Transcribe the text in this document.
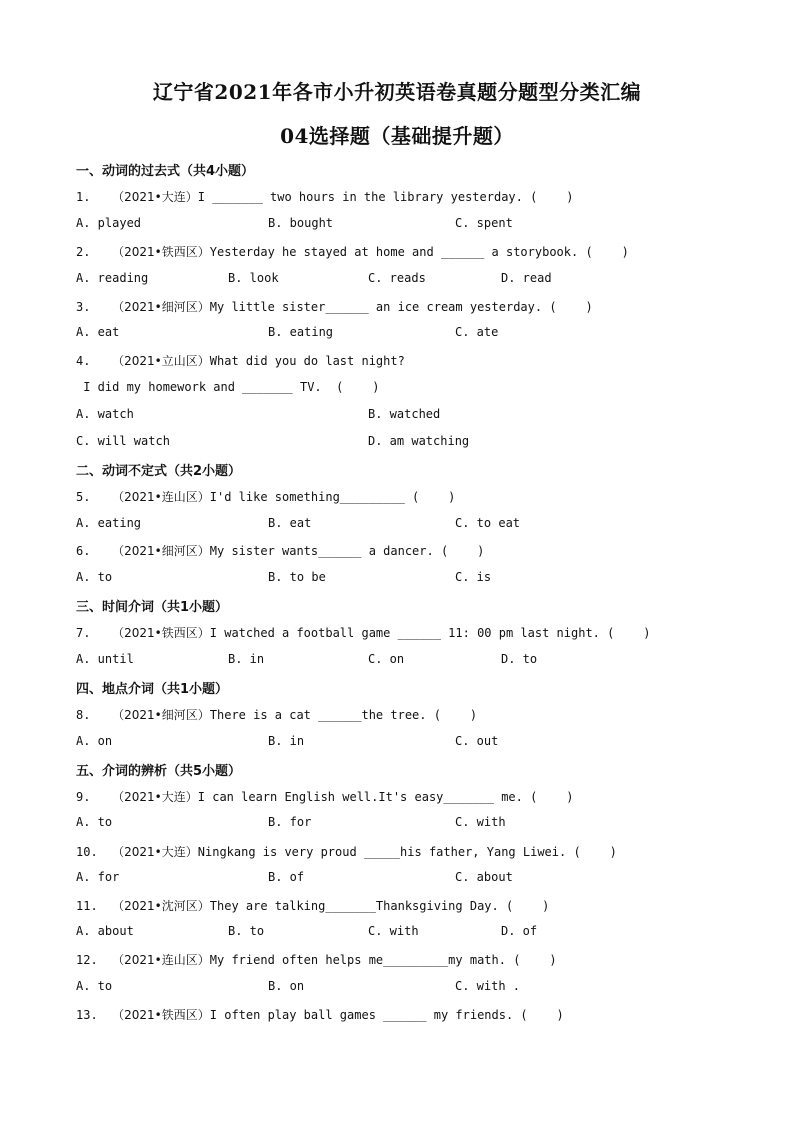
辽宁省2021年各市小升初英语卷真题分题型分类汇编
04选择题（基础提升题）
一、动词的过去式（共4小题）
1. （2021•大连）I _______ two hours in the library yesterday. (    )
A. played	B. bought	C. spent
2. （2021•铁西区）Yesterday he stayed at home and ______ a storybook. (    )
A. reading	B. look	C. reads	D. read
3. （2021•细河区）My little sister______ an ice cream yesterday. (    )
A. eat	B. eating	C. ate
4. （2021•立山区）What did you do last night?
I did my homework and _______ TV.  (    )
A. watch	B. watched
C. will watch	D. am watching
二、动词不定式（共2小题）
5. （2021•连山区）I'd like something_________ (    )
A. eating	B. eat	C. to eat
6. （2021•细河区）My sister wants______ a dancer. (    )
A. to	B. to be	C. is
三、时间介词（共1小题）
7. （2021•铁西区）I watched a football game ______ 11: 00 pm last night. (    )
A. until	B. in	C. on	D. to
四、地点介词（共1小题）
8. （2021•细河区）There is a cat ______the tree. (    )
A. on	B. in	C. out
五、介词的辨析（共5小题）
9. （2021•大连）I can learn English well.It's easy_______ me. (    )
A. to	B. for	C. with
10. （2021•大连）Ningkang is very proud _____his father, Yang Liwei. (    )
A. for	B. of	C. about
11. （2021•沈河区）They are talking_______Thanksgiving Day. (    )
A. about	B. to	C. with	D. of
12. （2021•连山区）My friend often helps me_________my math. (    )
A. to	B. on	C. with .
13. （2021•铁西区）I often play ball games ______ my friends. (    )
